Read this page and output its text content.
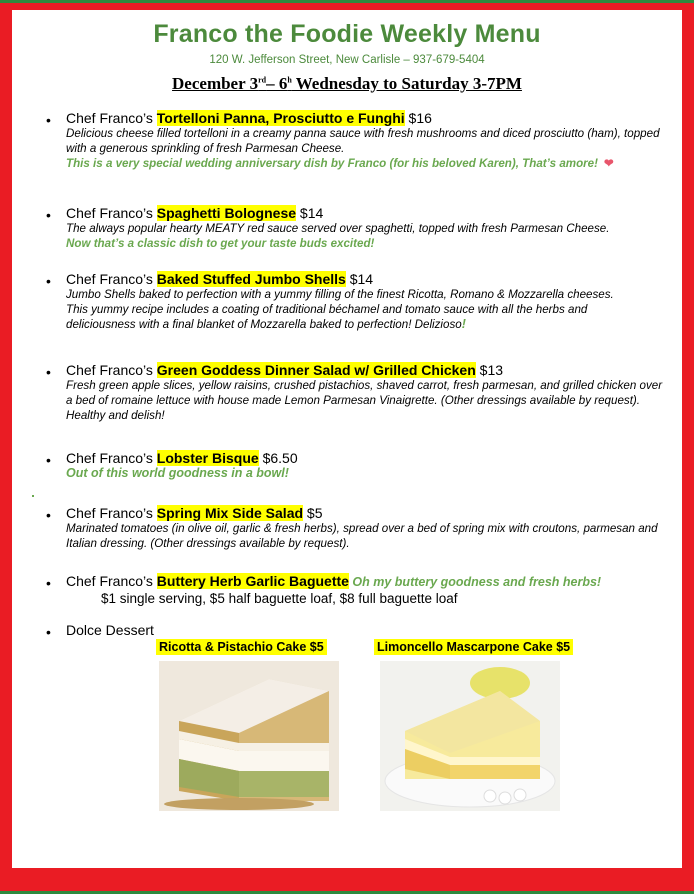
Franco the Foodie Weekly Menu
120 W. Jefferson Street, New Carlisle – 937-679-5404
December 3rd– 6$^h$ Wednesday to Saturday 3-7PM
• Chef Franco’s Tortelloni Panna, Prosciutto e Funghi $16
Delicious cheese filled tortelloni in a creamy panna sauce with fresh mushrooms and diced prosciutto (ham), topped with a generous sprinkling of fresh Parmesan Cheese.
This is a very special wedding anniversary dish by Franco (for his beloved Karen), That’s amore! ❤
• Chef Franco’s Spaghetti Bolognese $14
The always popular hearty MEATY red sauce served over spaghetti, topped with fresh Parmesan Cheese.
Now that’s a classic dish to get your taste buds excited!
• Chef Franco’s Baked Stuffed Jumbo Shells $14
Jumbo Shells baked to perfection with a yummy filling of the finest Ricotta, Romano & Mozzarella cheeses. This yummy recipe includes a coating of traditional béchamel and tomato sauce with all the herbs and deliciousness with a final blanket of Mozzarella baked to perfection! Delizioso!
• Chef Franco’s Green Goddess Dinner Salad w/ Grilled Chicken $13
Fresh green apple slices, yellow raisins, crushed pistachios, shaved carrot, fresh parmesan, and grilled chicken over a bed of romaine lettuce with house made Lemon Parmesan Vinaigrette. (Other dressings available by request). Healthy and delish!
• Chef Franco’s Lobster Bisque $6.50
Out of this world goodness in a bowl!
• Chef Franco’s Spring Mix Side Salad $5
Marinated tomatoes (in olive oil, garlic & fresh herbs), spread over a bed of spring mix with croutons, parmesan and Italian dressing. (Other dressings available by request).
• Chef Franco’s Buttery Herb Garlic Baguette Oh my buttery goodness and fresh herbs!
$1 single serving, $5 half baguette loaf, $8 full baguette loaf
• Dolce Dessert
Ricotta & Pistachio Cake $5	Limoncello Mascarpone Cake $5
